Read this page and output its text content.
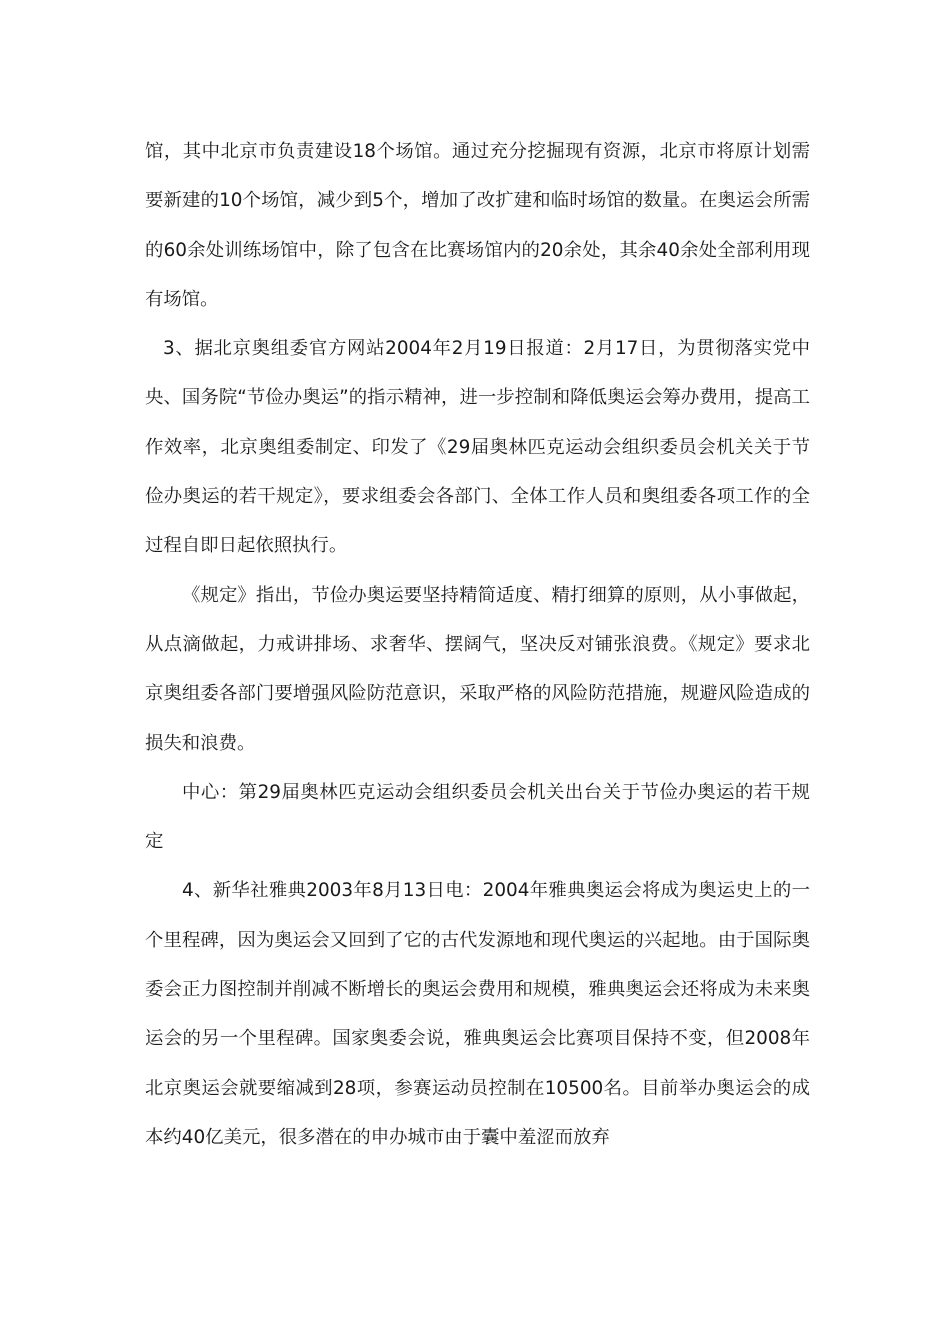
馆，其中北京市负责建设18个场馆。通过充分挖掘现有资源，北京市将原计划需要新建的10个场馆，减少到5个，增加了改扩建和临时场馆的数量。在奥运会所需的60余处训练场馆中，除了包含在比赛场馆内的20余处，其余40余处全部利用现有场馆。

3、据北京奥组委官方网站2004年2月19日报道：2月17日，为贯彻落实党中央、国务院“节俭办奥运”的指示精神，进一步控制和降低奥运会筹办费用，提高工作效率，北京奥组委制定、印发了《29届奥林匹克运动会组织委员会机关关于节俭办奥运的若干规定》，要求组委会各部门、全体工作人员和奥组委各项工作的全过程自即日起依照执行。

《规定》指出，节俭办奥运要坚持精简适度、精打细算的原则，从小事做起，从点滴做起，力戒讲排场、求奢华、摆阔气，坚决反对铺张浪费。《规定》要求北京奥组委各部门要增强风险防范意识，采取严格的风险防范措施，规避风险造成的损失和浪费。

中心：第29届奥林匹克运动会组织委员会机关出台关于节俭办奥运的若干规定

4、新华社雅典2003年8月13日电：2004年雅典奥运会将成为奥运史上的一个里程碑，因为奥运会又回到了它的古代发源地和现代奥运的兴起地。由于国际奥委会正力图控制并削减不断增长的奥运会费用和规模，雅典奥运会还将成为未来奥运会的另一个里程碑。国家奥委会说，雅典奥运会比赛项目保持不变，但2008年北京奥运会就要缩减到28项，参赛运动员控制在10500名。目前举办奥运会的成本约40亿美元，很多潜在的申办城市由于囊中羞涩而放弃
